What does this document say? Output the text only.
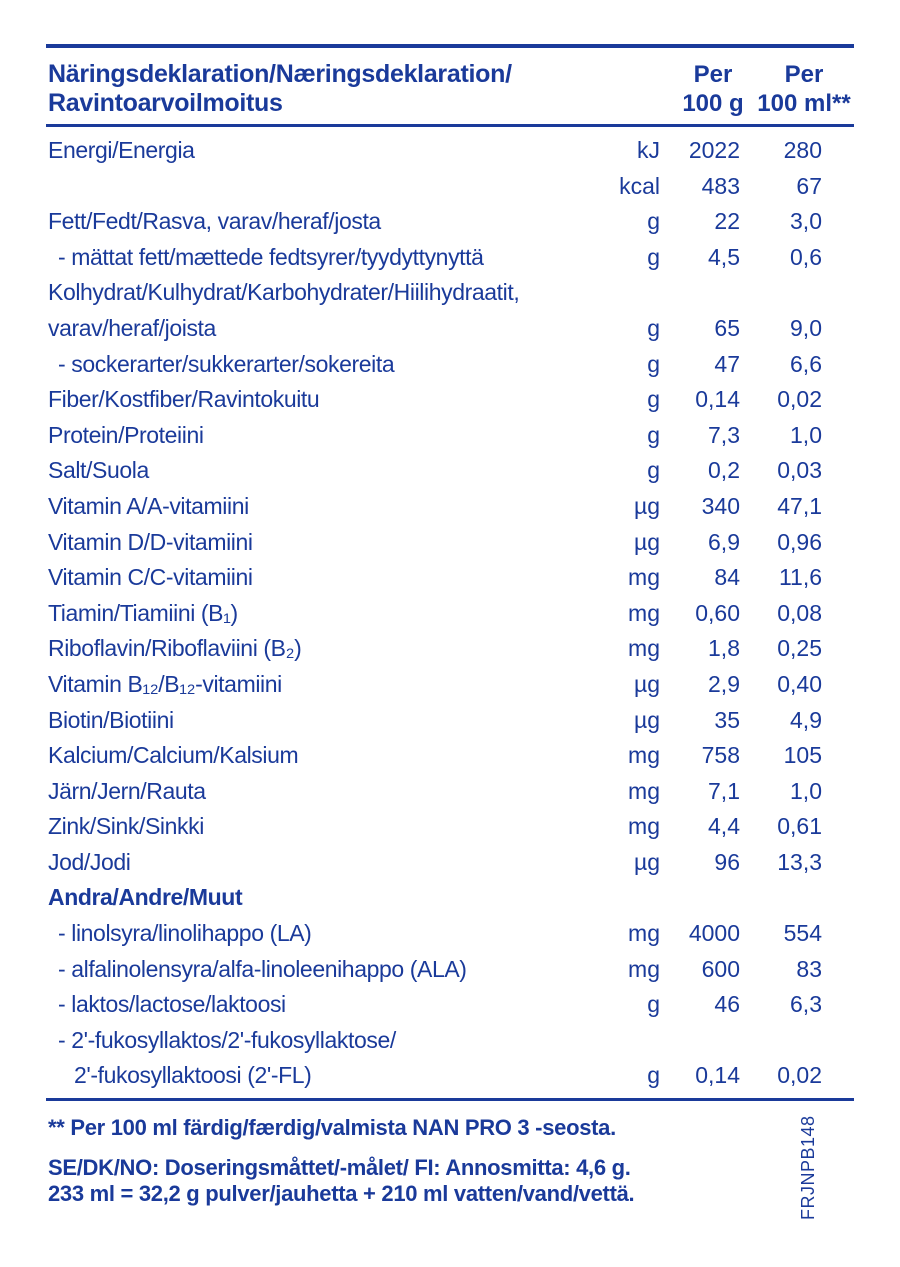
Näringsdeklaration/Næringsdeklaration/
Ravintoarvoilmoitus
Per
100 g
Per
100 ml**
Energi/Energia	kJ	2022	280
kcal	483	67
Fett/Fedt/Rasva, varav/heraf/josta	g	22	3,0
- mättat fett/mættede fedtsyrer/tyydyttynyttä	g	4,5	0,6
Kolhydrat/Kulhydrat/Karbohydrater/Hiilihydraatit,
varav/heraf/joista	g	65	9,0
- sockerarter/sukkerarter/sokereita	g	47	6,6
Fiber/Kostfiber/Ravintokuitu	g	0,14	0,02
Protein/Proteiini	g	7,3	1,0
Salt/Suola	g	0,2	0,03
Vitamin A/A-vitamiini	µg	340	47,1
Vitamin D/D-vitamiini	µg	6,9	0,96
Vitamin C/C-vitamiini	mg	84	11,6
Tiamin/Tiamiini (B₁)	mg	0,60	0,08
Riboflavin/Riboflaviini (B₂)	mg	1,8	0,25
Vitamin B₁₂/B₁₂-vitamiini	µg	2,9	0,40
Biotin/Biotiini	µg	35	4,9
Kalcium/Calcium/Kalsium	mg	758	105
Järn/Jern/Rauta	mg	7,1	1,0
Zink/Sink/Sinkki	mg	4,4	0,61
Jod/Jodi	µg	96	13,3
Andra/Andre/Muut
- linolsyra/linolihappo (LA)	mg	4000	554
- alfalinolensyra/alfa-linoleenihappo (ALA)	mg	600	83
- laktos/lactose/laktoosi	g	46	6,3
- 2'-fukosyllaktos/2'-fukosyllaktose/
2'-fukosyllaktoosi (2'-FL)	g	0,14	0,02
** Per 100 ml färdig/færdig/valmista NAN PRO 3 -seosta.
SE/DK/NO: Doseringsmåttet/-målet/ FI: Annosmitta: 4,6 g.
233 ml = 32,2 g pulver/jauhetta + 210 ml vatten/vand/vettä.	FRJNPB148
